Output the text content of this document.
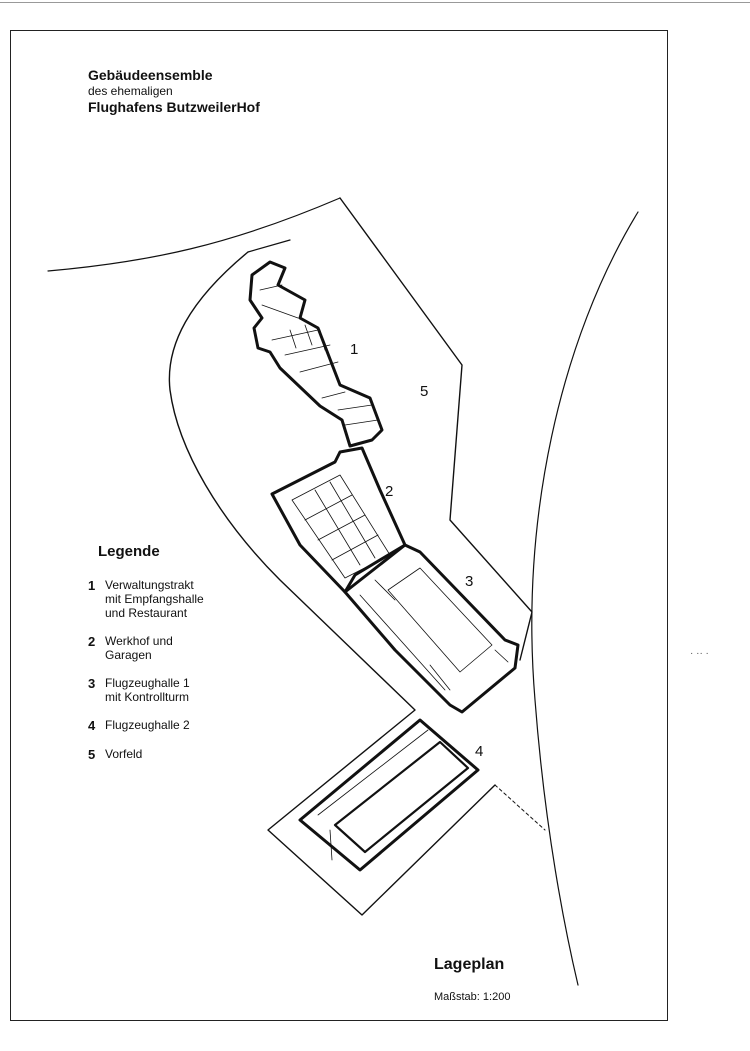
Gebäudeensemble

des ehemaligen

Flughafens ButzweilerHof

Legende

1 Verwaltungstrakt
mit Empfangshalle
und Restaurant
2 Werkhof und
Garagen
3 Flugzeughalle 1
mit Kontrollturm
4 Flugzeughalle 2
5 Vorfeld
1
2
3
4
5
Lageplan
Maßstab: 1:200
· ·· ·
